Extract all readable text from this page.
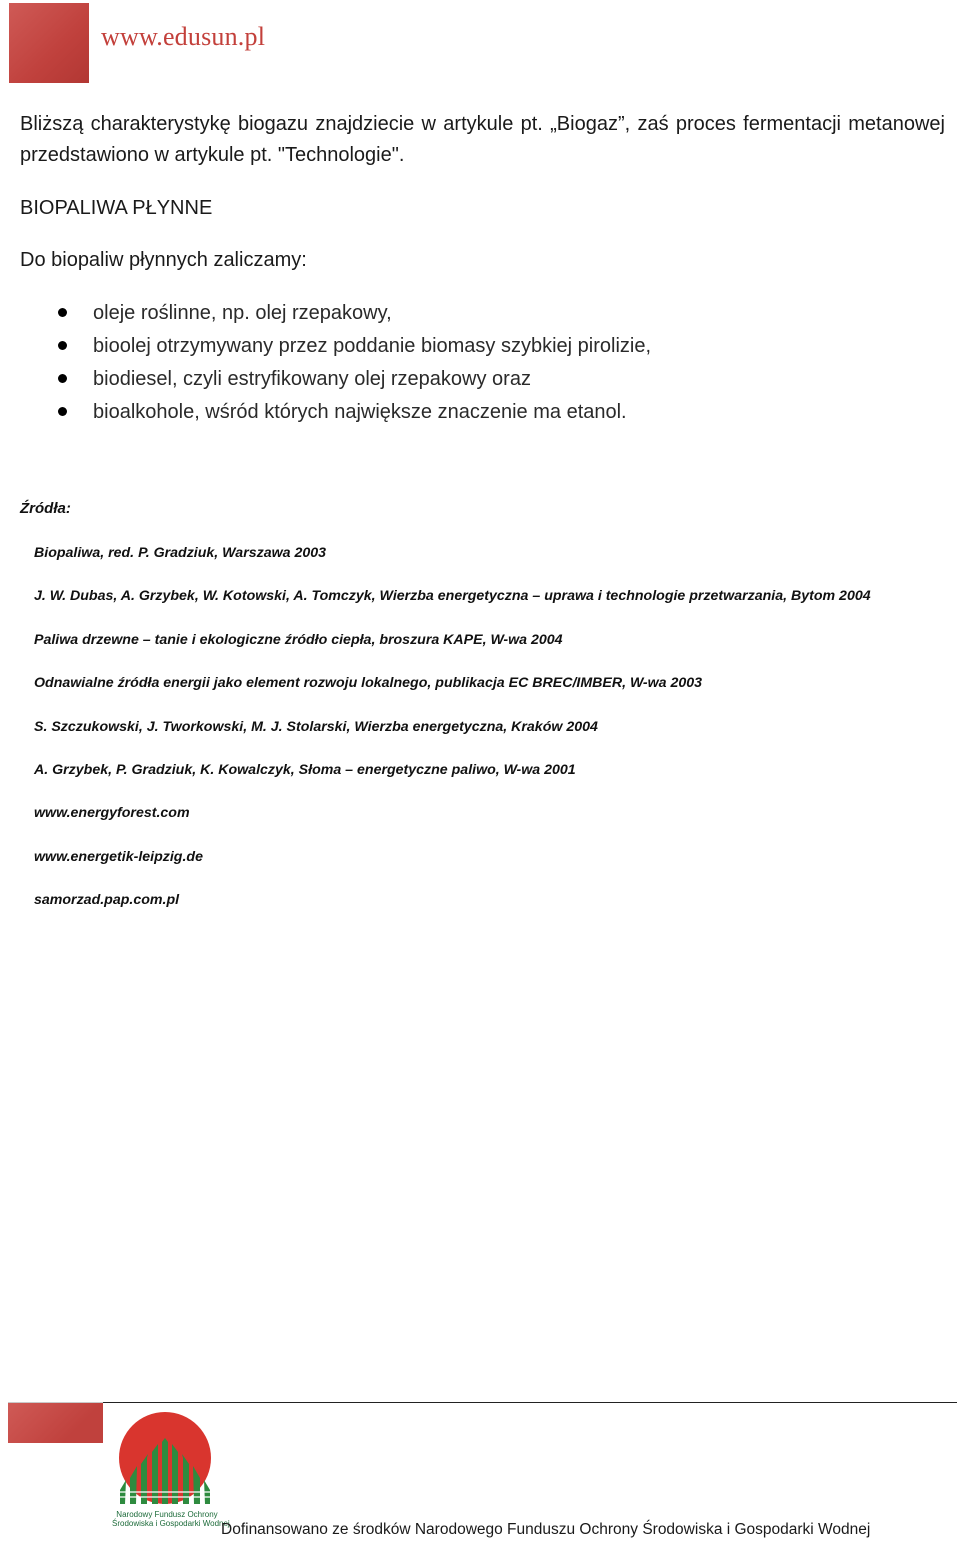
www.edusun.pl
Bliższą charakterystykę biogazu znajdziecie w artykule pt. „Biogaz”, zaś proces fermentacji metanowej przedstawiono w artykule pt. "Technologie".
BIOPALIWA PŁYNNE
Do biopaliw płynnych zaliczamy:
oleje roślinne, np. olej rzepakowy,
bioolej otrzymywany przez poddanie biomasy szybkiej pirolizie,
biodiesel, czyli estryfikowany olej rzepakowy oraz
bioalkohole, wśród których największe znaczenie ma etanol.
Źródła:
Biopaliwa, red. P. Gradziuk, Warszawa 2003
J. W. Dubas, A. Grzybek, W. Kotowski, A. Tomczyk, Wierzba energetyczna – uprawa i technologie przetwarzania, Bytom 2004
Paliwa drzewne – tanie i ekologiczne źródło ciepła, broszura KAPE, W-wa 2004
Odnawialne źródła energii jako element rozwoju lokalnego, publikacja EC BREC/IMBER, W-wa 2003
S. Szczukowski, J. Tworkowski, M. J. Stolarski, Wierzba energetyczna, Kraków 2004
A. Grzybek, P. Gradziuk, K. Kowalczyk, Słoma – energetyczne paliwo, W-wa 2001
www.energyforest.com
www.energetik-leipzig.de
samorzad.pap.com.pl
Narodowy Fundusz Ochrony
Środowiska i Gospodarki Wodnej
Dofinansowano ze środków Narodowego Funduszu Ochrony Środowiska i Gospodarki Wodnej
